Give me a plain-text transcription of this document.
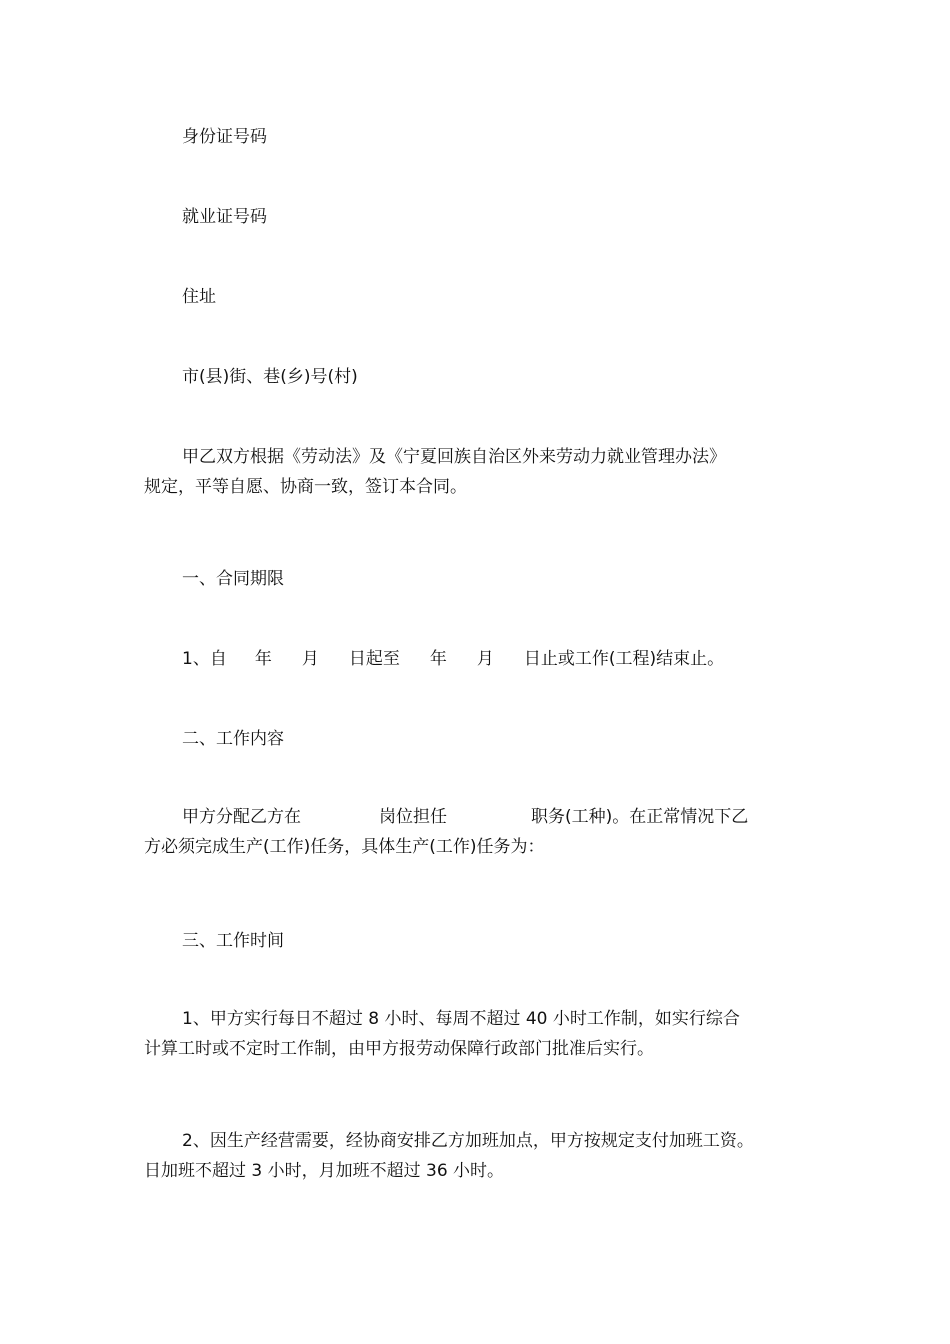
身份证号码
就业证号码
住址
市(县)街、巷(乡)号(村)
甲乙双方根据《劳动法》及《宁夏回族自治区外来劳动力就业管理办法》
规定，平等自愿、协商一致，签订本合同。
一、合同期限
1、自 年 月 日起至 年 月 日止或工作(工程)结束止。
二、工作内容
甲方分配乙方在	岗位担任	职务(工种)。在正常情况下乙
方必须完成生产(工作)任务，具体生产(工作)任务为：
三、工作时间
1、甲方实行每日不超过 8 小时、每周不超过 40 小时工作制，如实行综合
计算工时或不定时工作制，由甲方报劳动保障行政部门批准后实行。
2、因生产经营需要，经协商安排乙方加班加点，甲方按规定支付加班工资。
日加班不超过 3 小时，月加班不超过 36 小时。
